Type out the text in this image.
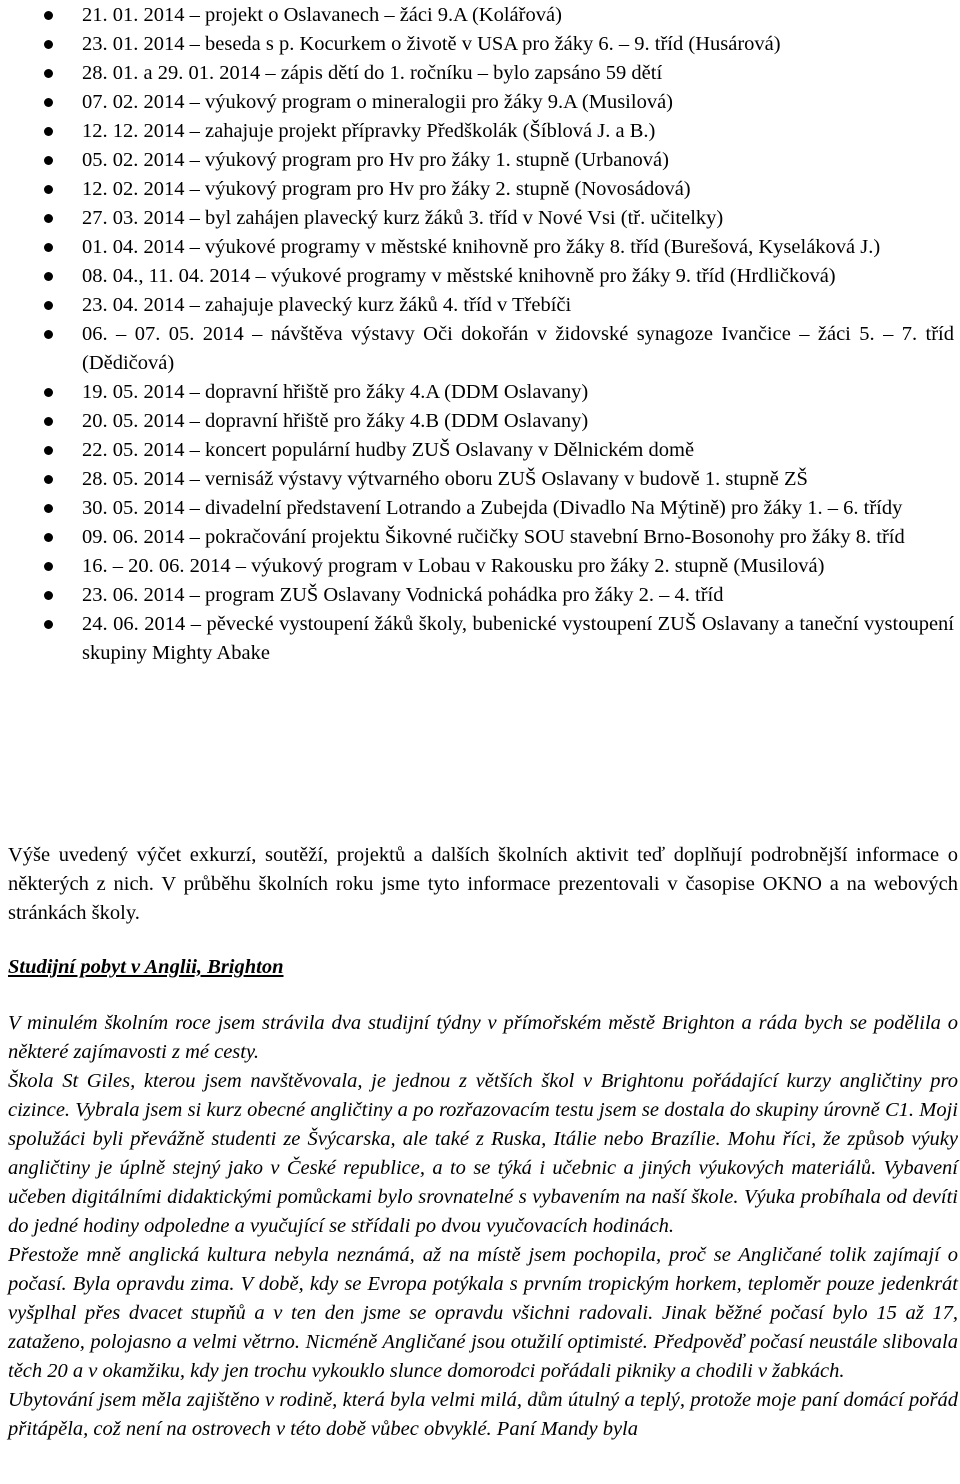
21. 01. 2014 – projekt o Oslavanech – žáci 9.A (Kolářová)
23. 01. 2014 – beseda s p. Kocurkem o životě v USA pro žáky 6. – 9. tříd (Husárová)
28. 01. a 29. 01. 2014 – zápis dětí do 1. ročníku – bylo zapsáno 59 dětí
07. 02. 2014 – výukový program o mineralogii pro žáky 9.A (Musilová)
12. 12. 2014 – zahajuje projekt přípravky Předškolák (Šíblová J. a B.)
05. 02. 2014 – výukový program pro Hv pro žáky 1. stupně (Urbanová)
12. 02. 2014 – výukový program pro Hv pro žáky 2. stupně (Novosádová)
27. 03. 2014 – byl zahájen plavecký kurz žáků 3. tříd v Nové Vsi (tř. učitelky)
01. 04. 2014 – výukové programy v městské knihovně pro žáky 8. tříd (Burešová, Kyseláková J.)
08. 04., 11. 04. 2014 – výukové programy v městské knihovně pro žáky 9. tříd (Hrdličková)
23. 04. 2014 – zahajuje plavecký kurz žáků 4. tříd v Třebíči
06. – 07. 05. 2014 – návštěva výstavy Oči dokořán v židovské synagoze Ivančice – žáci 5. – 7. tříd (Dědičová)
19. 05. 2014 – dopravní hřiště pro žáky 4.A (DDM Oslavany)
20. 05. 2014 – dopravní hřiště pro žáky 4.B (DDM Oslavany)
22. 05. 2014 – koncert populární hudby ZUŠ Oslavany v Dělnickém domě
28. 05. 2014 – vernisáž výstavy výtvarného oboru ZUŠ Oslavany v budově 1. stupně ZŠ
30. 05. 2014 – divadelní představení Lotrando a Zubejda (Divadlo Na Mýtině) pro žáky 1. – 6. třídy
09. 06. 2014 – pokračování projektu Šikovné ručičky SOU stavební Brno-Bosonohy pro žáky 8. tříd
16. – 20. 06. 2014 – výukový program v Lobau v Rakousku pro žáky 2. stupně (Musilová)
23. 06. 2014 – program ZUŠ Oslavany Vodnická pohádka pro žáky 2. – 4. tříd
24. 06. 2014 – pěvecké vystoupení žáků školy, bubenické vystoupení ZUŠ Oslavany a taneční vystoupení skupiny Mighty Abake

Výše uvedený výčet exkurzí, soutěží, projektů a dalších školních aktivit teď doplňují podrobnější informace o některých z nich. V průběhu školních roku jsme tyto informace prezentovali v časopise OKNO a na webových stránkách školy.

Studijní pobyt v Anglii, Brighton

V minulém školním roce jsem strávila dva studijní týdny v přímořském městě Brighton a ráda bych se podělila o některé zajímavosti z mé cesty.

Škola St Giles, kterou jsem navštěvovala, je jednou z větších škol v Brightonu pořádající kurzy angličtiny pro cizince. Vybrala jsem si kurz obecné angličtiny a po rozřazovacím testu jsem se dostala do skupiny úrovně C1. Moji spolužáci byli převážně studenti ze Švýcarska, ale také z Ruska, Itálie nebo Brazílie. Mohu říci, že způsob výuky angličtiny je úplně stejný jako v České republice, a to se týká i učebnic a jiných výukových materiálů. Vybavení učeben digitálními didaktickými pomůckami bylo srovnatelné s vybavením na naší škole. Výuka probíhala od devíti do jedné hodiny odpoledne a vyučující se střídali po dvou vyučovacích hodinách.

Přestože mně anglická kultura nebyla neznámá, až na místě jsem pochopila, proč se Angličané tolik zajímají o počasí. Byla opravdu zima. V době, kdy se Evropa potýkala s prvním tropickým horkem, teploměr pouze jedenkrát vyšplhal přes dvacet stupňů a v ten den jsme se opravdu všichni radovali. Jinak běžné počasí bylo 15 až 17, zataženo, polojasno a velmi větrno. Nicméně Angličané jsou otužilí optimisté. Předpověď počasí neustále slibovala těch 20 a v okamžiku, kdy jen trochu vykouklo slunce domorodci pořádali pikniky a chodili v žabkách.

Ubytování jsem měla zajištěno v rodině, která byla velmi milá, dům útulný a teplý, protože moje paní domácí pořád přitápěla, což není na ostrovech v této době vůbec obvyklé. Paní Mandy byla
